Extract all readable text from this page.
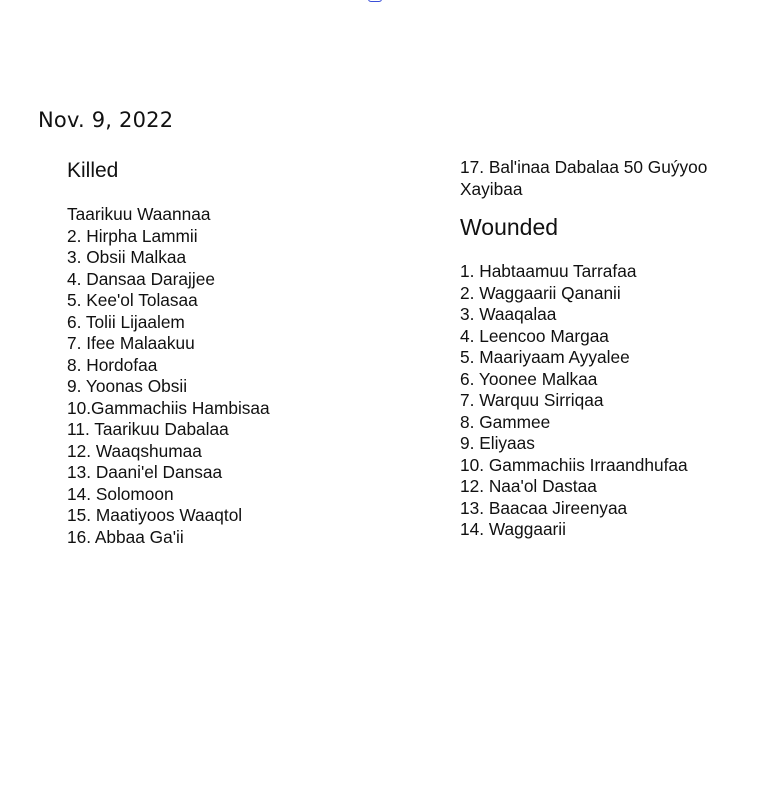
Nov. 9, 2022
Killed
Taarikuu Waannaa
2. Hirpha Lammii
3. Obsii Malkaa
4. Dansaa Darajjee
5. Kee'ol Tolasaa
6. Tolii Lijaalem
7. Ifee Malaakuu
8. Hordofaa
9. Yoonas Obsii
10.Gammachiis Hambisaa
11. Taarikuu Dabalaa
12. Waaqshumaa
13. Daani'el Dansaa
14. Solomoon
15. Maatiyoos Waaqtol
16. Abbaa Ga'ii
17. Bal'inaa Dabalaa 50 Guýyoo Xayibaa
Wounded
1. Habtaamuu Tarrafaa
2. Waggaarii Qananii
3. Waaqalaa
4. Leencoo Margaa
5. Maariyaam Ayyalee
6. Yoonee Malkaa
7. Warquu Sirriqaa
8. Gammee
9. Eliyaas
10. Gammachiis Irraandhufaa
12. Naa'ol Dastaa
13. Baacaa Jireenyaa
14. Waggaarii
